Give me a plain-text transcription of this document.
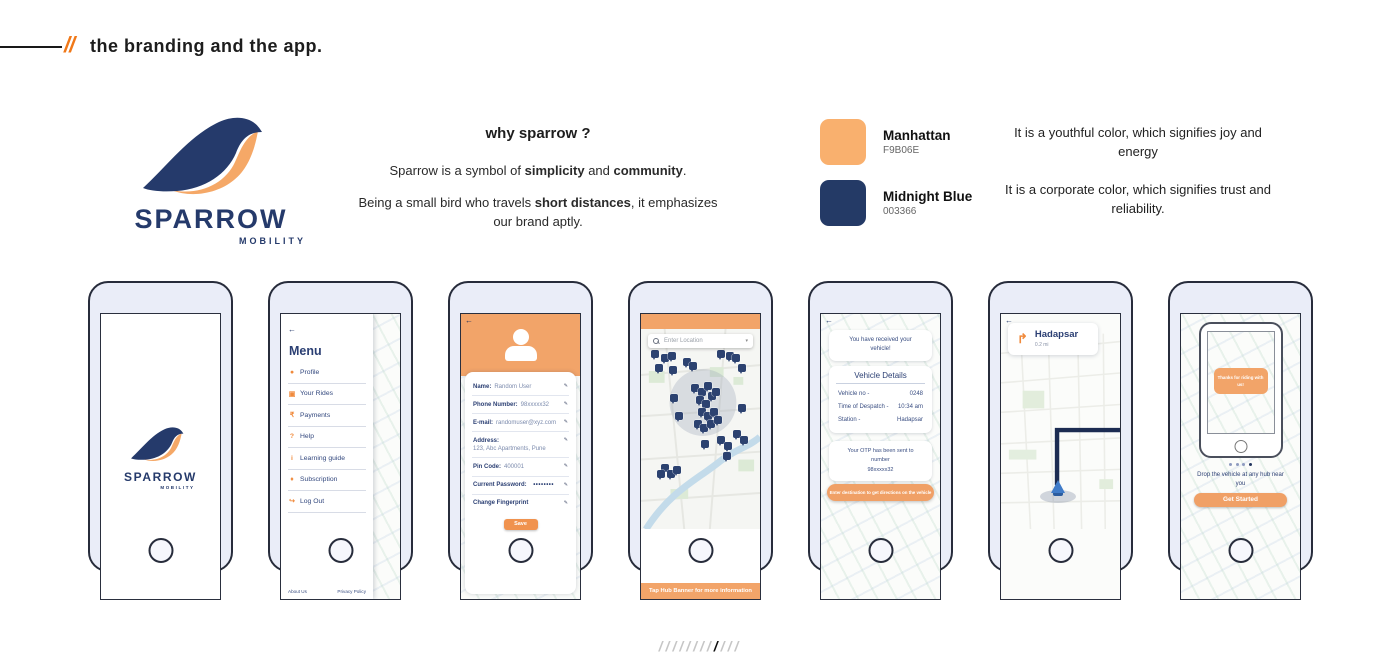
// the branding and the app.
SPARROW
MOBILITY
why sparrow ?

Sparrow is a symbol of simplicity and community.

Being a small bird who travels short distances, it emphasizes our brand aptly.

Manhattan
F9B06E
It is a youthful color, which signifies joy and energy
Midnight Blue
003366
It is a corporate color, which signifies trust and reliability.
SPARROW
MOBILITY
←
Menu
● Profile
▣ Your Rides
₹ Payments
? Help
i	Learning guide
♦ Subscription
↪ Log Out
About Us	Privacy Policy
←
Name: Random User	✎
Phone Number: 98xxxxx32	✎
E-mail: randomuser@xyz.com ✎
Address:
123, Abc Apartments, Pune
✎
Pin Code: 400001	✎
Current Password: •••••••• ✎
Change Fingerprint	✎
Save
Enter Location	▾
Tap Hub Banner for more information
←
You have received your vehicle!
Vehicle Details
Vehicle no -	0248
Time of Despatch - 10:34 am
Station -	Hadapsar
Your OTP has been sent to number
98xxxxx32
Enter destination to get directions on the vehicle
←
↱ Hadapsar
0.2 mi
Thanks for riding with us!
Drop the vehicle at any hub near you
Get Started
////////////
